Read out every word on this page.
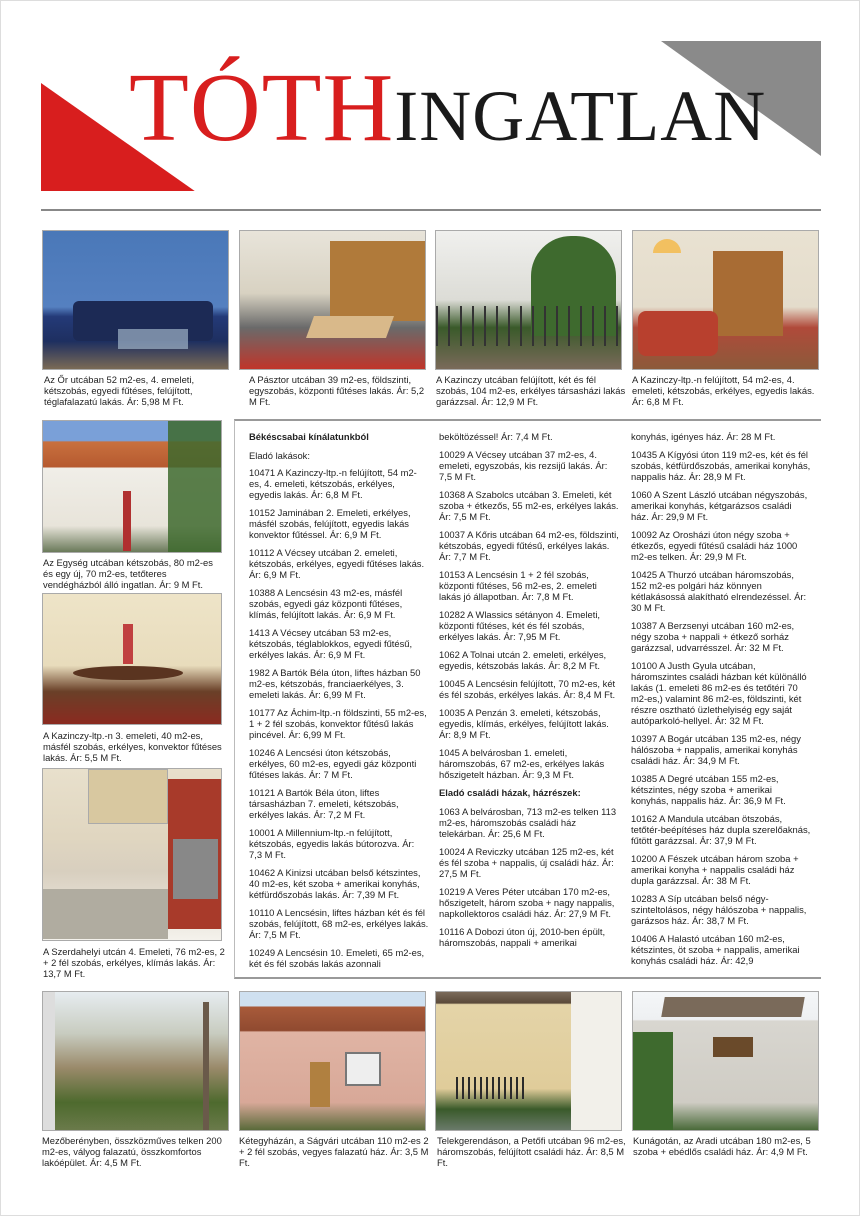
TÓTHINGATLAN
Az Őr utcában 52 m2-es, 4. emeleti, kétszobás, egyedi fűtéses, felújított, téglafalazatú lakás. Ár: 5,98 M Ft.
A Pásztor utcában 39 m2-es, földszinti, egyszobás, központi fűtéses lakás. Ár: 5,2 M Ft.
A Kazinczy utcában felújított, két és fél szobás, 104 m2-es, erkélyes társasházi lakás garázzsal. Ár: 12,9 M Ft.
A Kazinczy-ltp.-n felújított, 54 m2-es, 4. emeleti, kétszobás, erkélyes, egyedis lakás. Ár: 6,8 M Ft.
Az Egység utcában kétszobás, 80 m2-es és egy új, 70 m2-es, tetőteres vendégházból álló ingatlan. Ár: 9 M Ft.
A Kazinczy-ltp.-n 3. emeleti, 40 m2-es, másfél szobás, erkélyes, konvektor fűtéses lakás. Ár: 5,5 M Ft.
A Szerdahelyi utcán 4. Emeleti, 76 m2-es, 2 + 2 fél szobás, erkélyes, klímás lakás. Ár: 13,7 M Ft.

Békéscsabai kínálatunkból

Eladó lakások:

10471 A Kazinczy-ltp.-n felújított, 54 m2-es, 4. emeleti, kétszobás, erkélyes, egyedis lakás. Ár: 6,8 M Ft.

10152 Jaminában 2. Emeleti, erkélyes, másfél szobás, felújított, egyedis lakás konvektor fűtéssel. Ár: 6,9 M Ft.

10112 A Vécsey utcában 2. emeleti, kétszobás, erkélyes, egyedi fűtéses lakás. Ár: 6,9 M Ft.

10388 A Lencsésin 43 m2-es, másfél szobás, egyedi gáz központi fűtéses, klímás, felújított lakás. Ár: 6,9 M Ft.

1413 A Vécsey utcában 53 m2-es, kétszobás, téglablokkos, egyedi fűtésű, erkélyes lakás. Ár: 6,9 M Ft.

1982 A Bartók Béla úton, liftes házban 50 m2-es, kétszobás, franciaerkélyes, 3. emeleti lakás. Ár: 6,99 M Ft.

10177 Az Áchim-ltp.-n földszinti, 55 m2-es, 1 + 2 fél szobás, konvektor fűtésű lakás pincével. Ár: 6,99 M Ft.

10246 A Lencsési úton kétszobás, erkélyes, 60 m2-es, egyedi gáz központi fűtéses lakás. Ár: 7 M Ft.

10121 A Bartók Béla úton, liftes társasházban 7. emeleti, kétszobás, erkélyes lakás. Ár: 7,2 M Ft.

10001 A Millennium-ltp.-n felújított, kétszobás, egyedis lakás bútorozva. Ár: 7,3 M Ft.

10462 A Kinizsi utcában belső kétszintes, 40 m2-es, két szoba + amerikai konyhás, kétfürdőszobás lakás. Ár: 7,39 M Ft.

10110 A Lencsésin, liftes házban két és fél szobás, felújított, 68 m2-es, erkélyes lakás. Ár: 7,5 M Ft.

10249 A Lencsésin 10. Emeleti, 65 m2-es, két és fél szobás lakás azonnali

beköltözéssel! Ár: 7,4 M Ft.

10029 A Vécsey utcában 37 m2-es, 4. emeleti, egyszobás, kis rezsijű lakás. Ár: 7,5 M Ft.

10368 A Szabolcs utcában 3. Emeleti, két szoba + étkezős, 55 m2-es, erkélyes lakás. Ár: 7,5 M Ft.

10037 A Kőris utcában 64 m2-es, földszinti, kétszobás, egyedi fűtésű, erkélyes lakás. Ár: 7,7 M Ft.

10153 A Lencsésin 1 + 2 fél szobás, központi fűtéses, 56 m2-es, 2. emeleti lakás jó állapotban. Ár: 7,8 M Ft.

10282 A Wlassics sétányon 4. Emeleti, központi fűtéses, két és fél szobás, erkélyes lakás. Ár: 7,95 M Ft.

1062 A Tolnai utcán 2. emeleti, erkélyes, egyedis, kétszobás lakás. Ár: 8,2 M Ft.

10045 A Lencsésin felújított, 70 m2-es, két és fél szobás, erkélyes lakás. Ár: 8,4 M Ft.

10035 A Penzán 3. emeleti, kétszobás, egyedis, klímás, erkélyes, felújított lakás. Ár: 8,9 M Ft.

1045 A belvárosban 1. emeleti, háromszobás, 67 m2-es, erkélyes lakás hőszigetelt házban. Ár: 9,3 M Ft.

Eladó családi házak, házrészek:

1063 A belvárosban, 713 m2-es telken 113 m2-es, háromszobás családi ház telekárban. Ár: 25,6 M Ft.

10024 A Reviczky utcában 125 m2-es, két és fél szoba + nappalis, új családi ház. Ár: 27,5 M Ft.

10219 A Veres Péter utcában 170 m2-es, hőszigetelt, három szoba + nagy nappalis, napkollektoros családi ház. Ár: 27,9 M Ft.

10116 A Dobozi úton új, 2010-ben épült, háromszobás, nappali + amerikai

konyhás, igényes ház. Ár: 28 M Ft.

10435 A Kígyósi úton 119 m2-es, két és fél szobás, kétfürdőszobás, amerikai konyhás, nappalis ház. Ár: 28,9 M Ft.

1060 A Szent László utcában négyszobás, amerikai konyhás, kétgarázsos családi ház. Ár: 29,9 M Ft.

10092 Az Orosházi úton négy szoba + étkezős, egyedi fűtésű családi ház 1000 m2-es telken. Ár: 29,9 M Ft.

10425 A Thurzó utcában háromszobás, 152 m2-es polgári ház könnyen kétlakásossá alakítható elrendezéssel. Ár: 30 M Ft.

10387 A Berzsenyi utcában 160 m2-es, négy szoba + nappali + étkező sorház garázzsal, udvarrésszel. Ár: 32 M Ft.

10100 A Justh Gyula utcában, háromszintes családi házban két különálló lakás (1. emeleti 86 m2-es és tetőtéri 70 m2-es,) valamint 86 m2-es, földszinti, két részre osztható üzlethelyiség egy saját autóparkoló-hellyel. Ár: 32 M Ft.

10397 A Bogár utcában 135 m2-es, négy hálószoba + nappalis, amerikai konyhás családi ház. Ár: 34,9 M Ft.

10385 A Degré utcában 155 m2-es, kétszintes, négy szoba + amerikai konyhás, nappalis ház. Ár: 36,9 M Ft.

10162 A Mandula utcában ötszobás, tetőtér-beépítéses ház dupla szerelőaknás, fűtött garázzsal. Ár: 37,9 M Ft.

10200 A Fészek utcában három szoba + amerikai konyha + nappalis családi ház dupla garázzsal. Ár: 38 M Ft.

10283 A Síp utcában belső négy-szinteltolásos, négy hálószoba + nappalis, garázsos ház. Ár: 38,7 M Ft.

10406 A Halastó utcában 160 m2-es, kétszintes, öt szoba + nappalis, amerikai konyhás családi ház. Ár: 42,9

Mezőberényben, összközműves telken 200 m2-es, vályog falazatú, összkomfortos lakóépület. Ár: 4,5 M Ft.
Kétegyházán, a Ságvári utcában 110 m2-es 2 + 2 fél szobás, vegyes falazatú ház. Ár: 3,5 M Ft.
Telekgerendáson, a Petőfi utcában 96 m2-es, háromszobás, felújított családi ház. Ár: 8,5 M Ft.
Kunágotán, az Aradi utcában 180 m2-es, 5 szoba + ebédlős családi ház. Ár: 4,9 M Ft.
